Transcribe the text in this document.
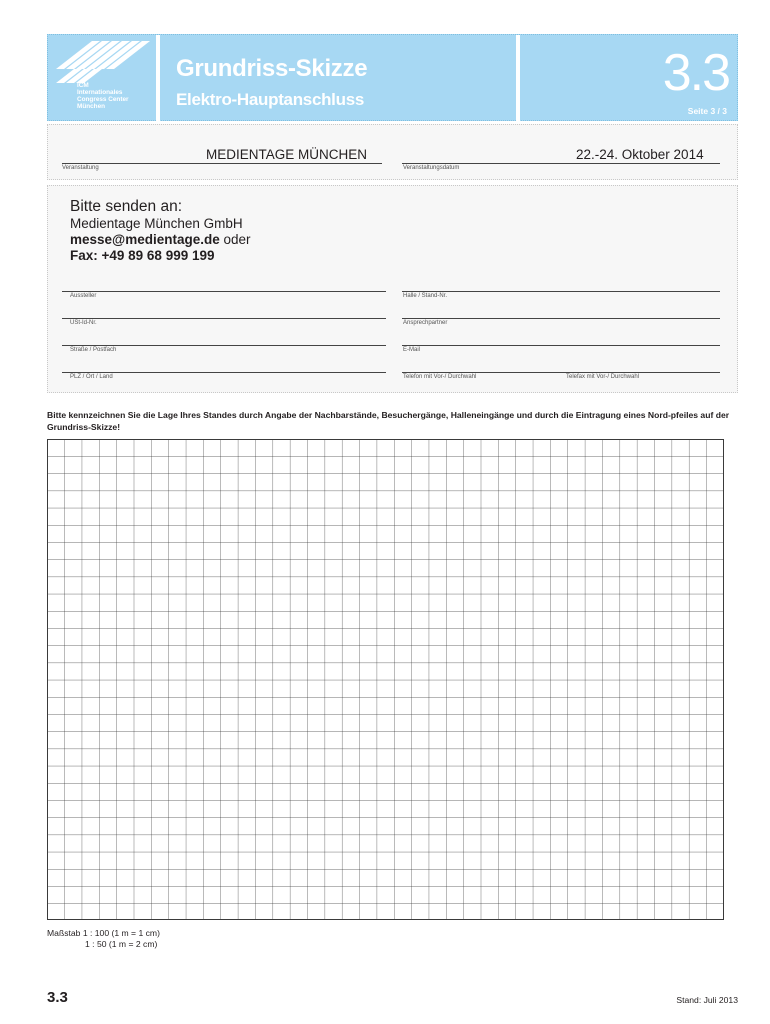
ICM
Internationales
Congress Center
München
Grundriss-Skizze
Elektro-Hauptanschluss	3.3
Seite 3 / 3
MEDIENTAGE MÜNCHEN
Veranstaltung
22.-24. Oktober 2014
Veranstaltungsdatum
Bitte senden an:
Medientage München GmbH
messe@medientage.de oder
Fax: +49 89 68 999 199
Aussteller	Halle / Stand-Nr.
USt-Id-Nr.	Ansprechpartner
Straße / Postfach	E-Mail
PLZ / Ort / Land	Telefon mit Vor-/ Durchwahl	Telefax mit Vor-/ Durchwahl
Bitte kennzeichnen Sie die Lage Ihres Standes durch Angabe der Nachbarstände, Besuchergänge, Halleneingänge und durch die Eintragung eines Nord-pfeiles auf der Grundriss-Skizze!
Maßstab 1 : 100 (1 m = 1 cm)
1 : 50 (1 m = 2 cm)
3.3	Stand: Juli 2013
